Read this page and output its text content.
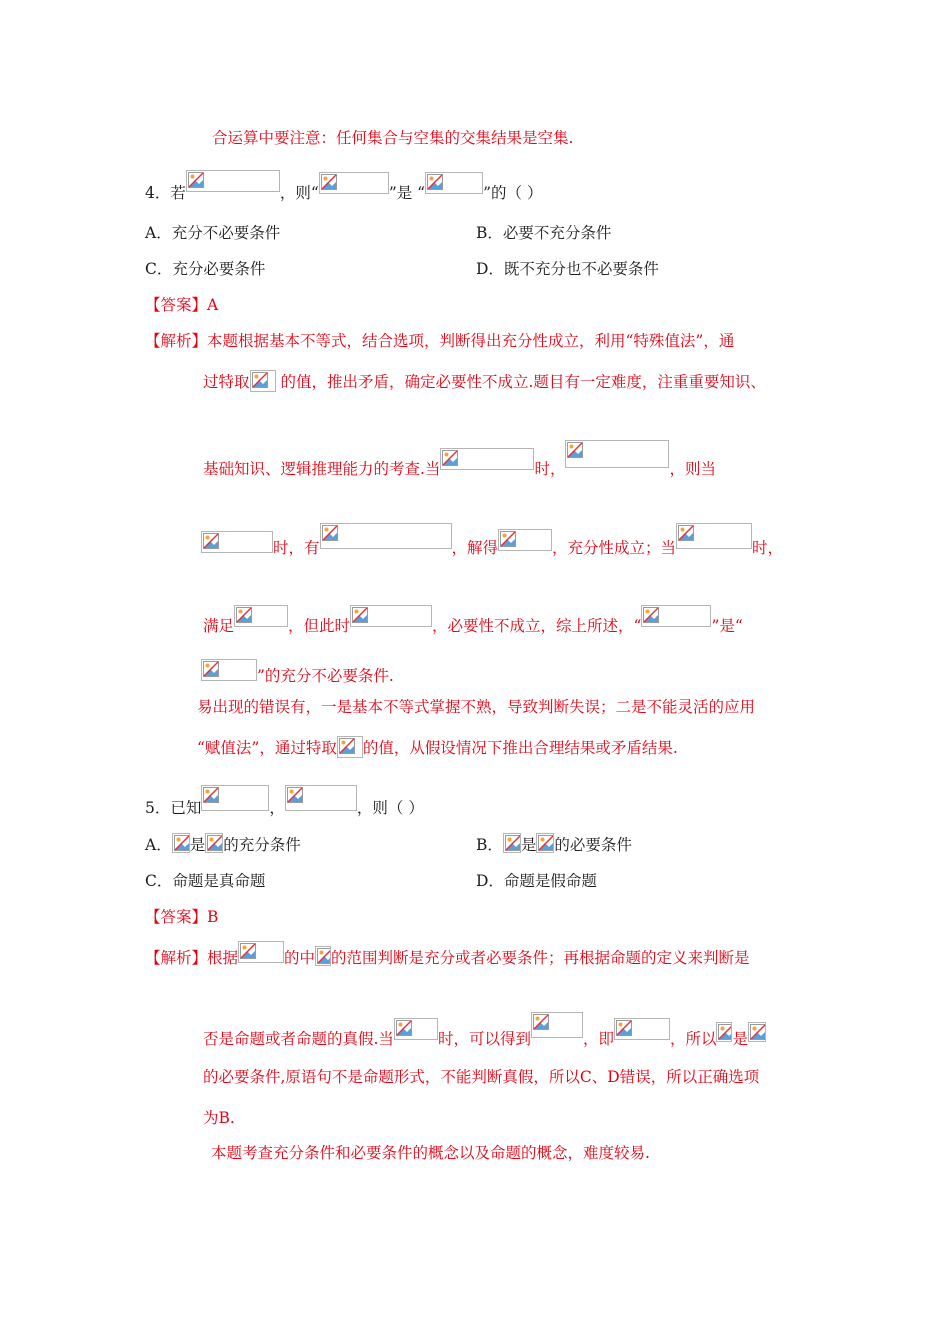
合运算中要注意：任何集合与空集的交集结果是空集.
4．若	，则“	”是 “	”的（ ）
A．充分不必要条件	B．必要不充分条件
C．充分必要条件	D．既不充分也不必要条件
【答案】A
【解析】本题根据基本不等式，结合选项，判断得出充分性成立，利用“特殊值法”，通
过特取
的值，推出矛盾，确定必要性不成立.题目有一定难度，注重重要知识、
基础知识、逻辑推理能力的考查.当	时，	，则当
时，有	，解得	，充分性成立；当	时，
满足	，但此时	，必要性不成立，综上所述，“	”是“
”的充分不必要条件.
易出现的错误有，一是基本不等式掌握不熟，导致判断失误；二是不能灵活的应用
“赋值法”，通过特取 的值，从假设情况下推出合理结果或矛盾结果.
5．已知	，	，则（ ）
A． 是 的充分条件	B． 是 的必要条件
C．命题是真命题	D．命题是假命题
【答案】B
【解析】根据	的中 的范围判断是充分或者必要条件；再根据命题的定义来判断是
否是命题或者命题的真假.当	时，可以得到	，即	，所以 是
的必要条件,原语句不是命题形式，不能判断真假，所以C、D错误，所以正确选项
为B.
本题考查充分条件和必要条件的概念以及命题的概念，难度较易.
